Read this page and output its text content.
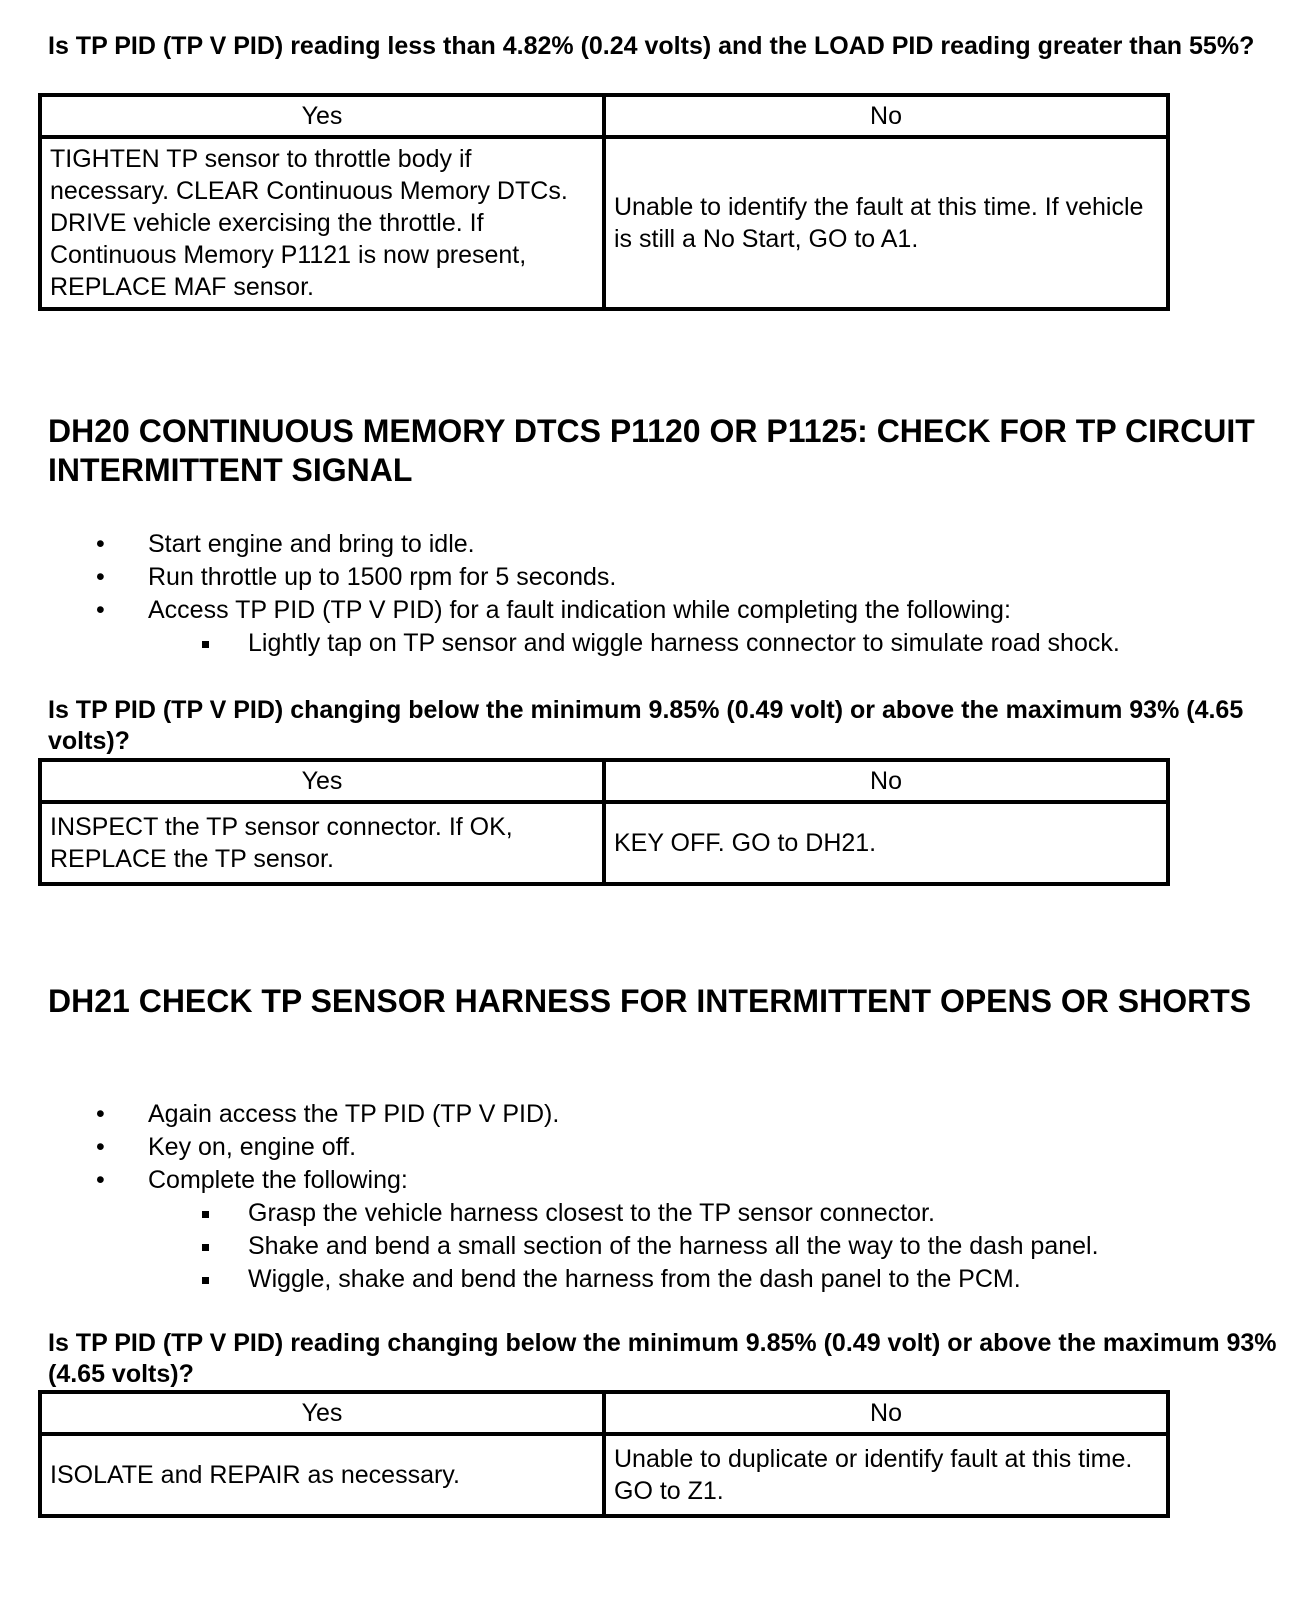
Is TP PID (TP V PID) reading less than 4.82% (0.24 volts) and the LOAD PID reading greater than 55%?
Yes	No
TIGHTEN TP sensor to throttle body if necessary. CLEAR Continuous Memory DTCs. DRIVE vehicle exercising the throttle. If Continuous Memory P1121 is now present, REPLACE MAF sensor.	Unable to identify the fault at this time. If vehicle is still a No Start, GO to A1.
DH20 CONTINUOUS MEMORY DTCS P1120 OR P1125: CHECK FOR TP CIRCUIT INTERMITTENT SIGNAL
• Start engine and bring to idle.
• Run throttle up to 1500 rpm for 5 seconds.
• Access TP PID (TP V PID) for a fault indication while completing the following:
Lightly tap on TP sensor and wiggle harness connector to simulate road shock.
Is TP PID (TP V PID) changing below the minimum 9.85% (0.49 volt) or above the maximum 93% (4.65 volts)?
Yes	No
INSPECT the TP sensor connector. If OK, REPLACE the TP sensor.	KEY OFF. GO to DH21.
DH21 CHECK TP SENSOR HARNESS FOR INTERMITTENT OPENS OR SHORTS
• Again access the TP PID (TP V PID).
• Key on, engine off.
• Complete the following:
Grasp the vehicle harness closest to the TP sensor connector.
Shake and bend a small section of the harness all the way to the dash panel.
Wiggle, shake and bend the harness from the dash panel to the PCM.
Is TP PID (TP V PID) reading changing below the minimum 9.85% (0.49 volt) or above the maximum 93% (4.65 volts)?
Yes	No
ISOLATE and REPAIR as necessary.	Unable to duplicate or identify fault at this time. GO to Z1.
